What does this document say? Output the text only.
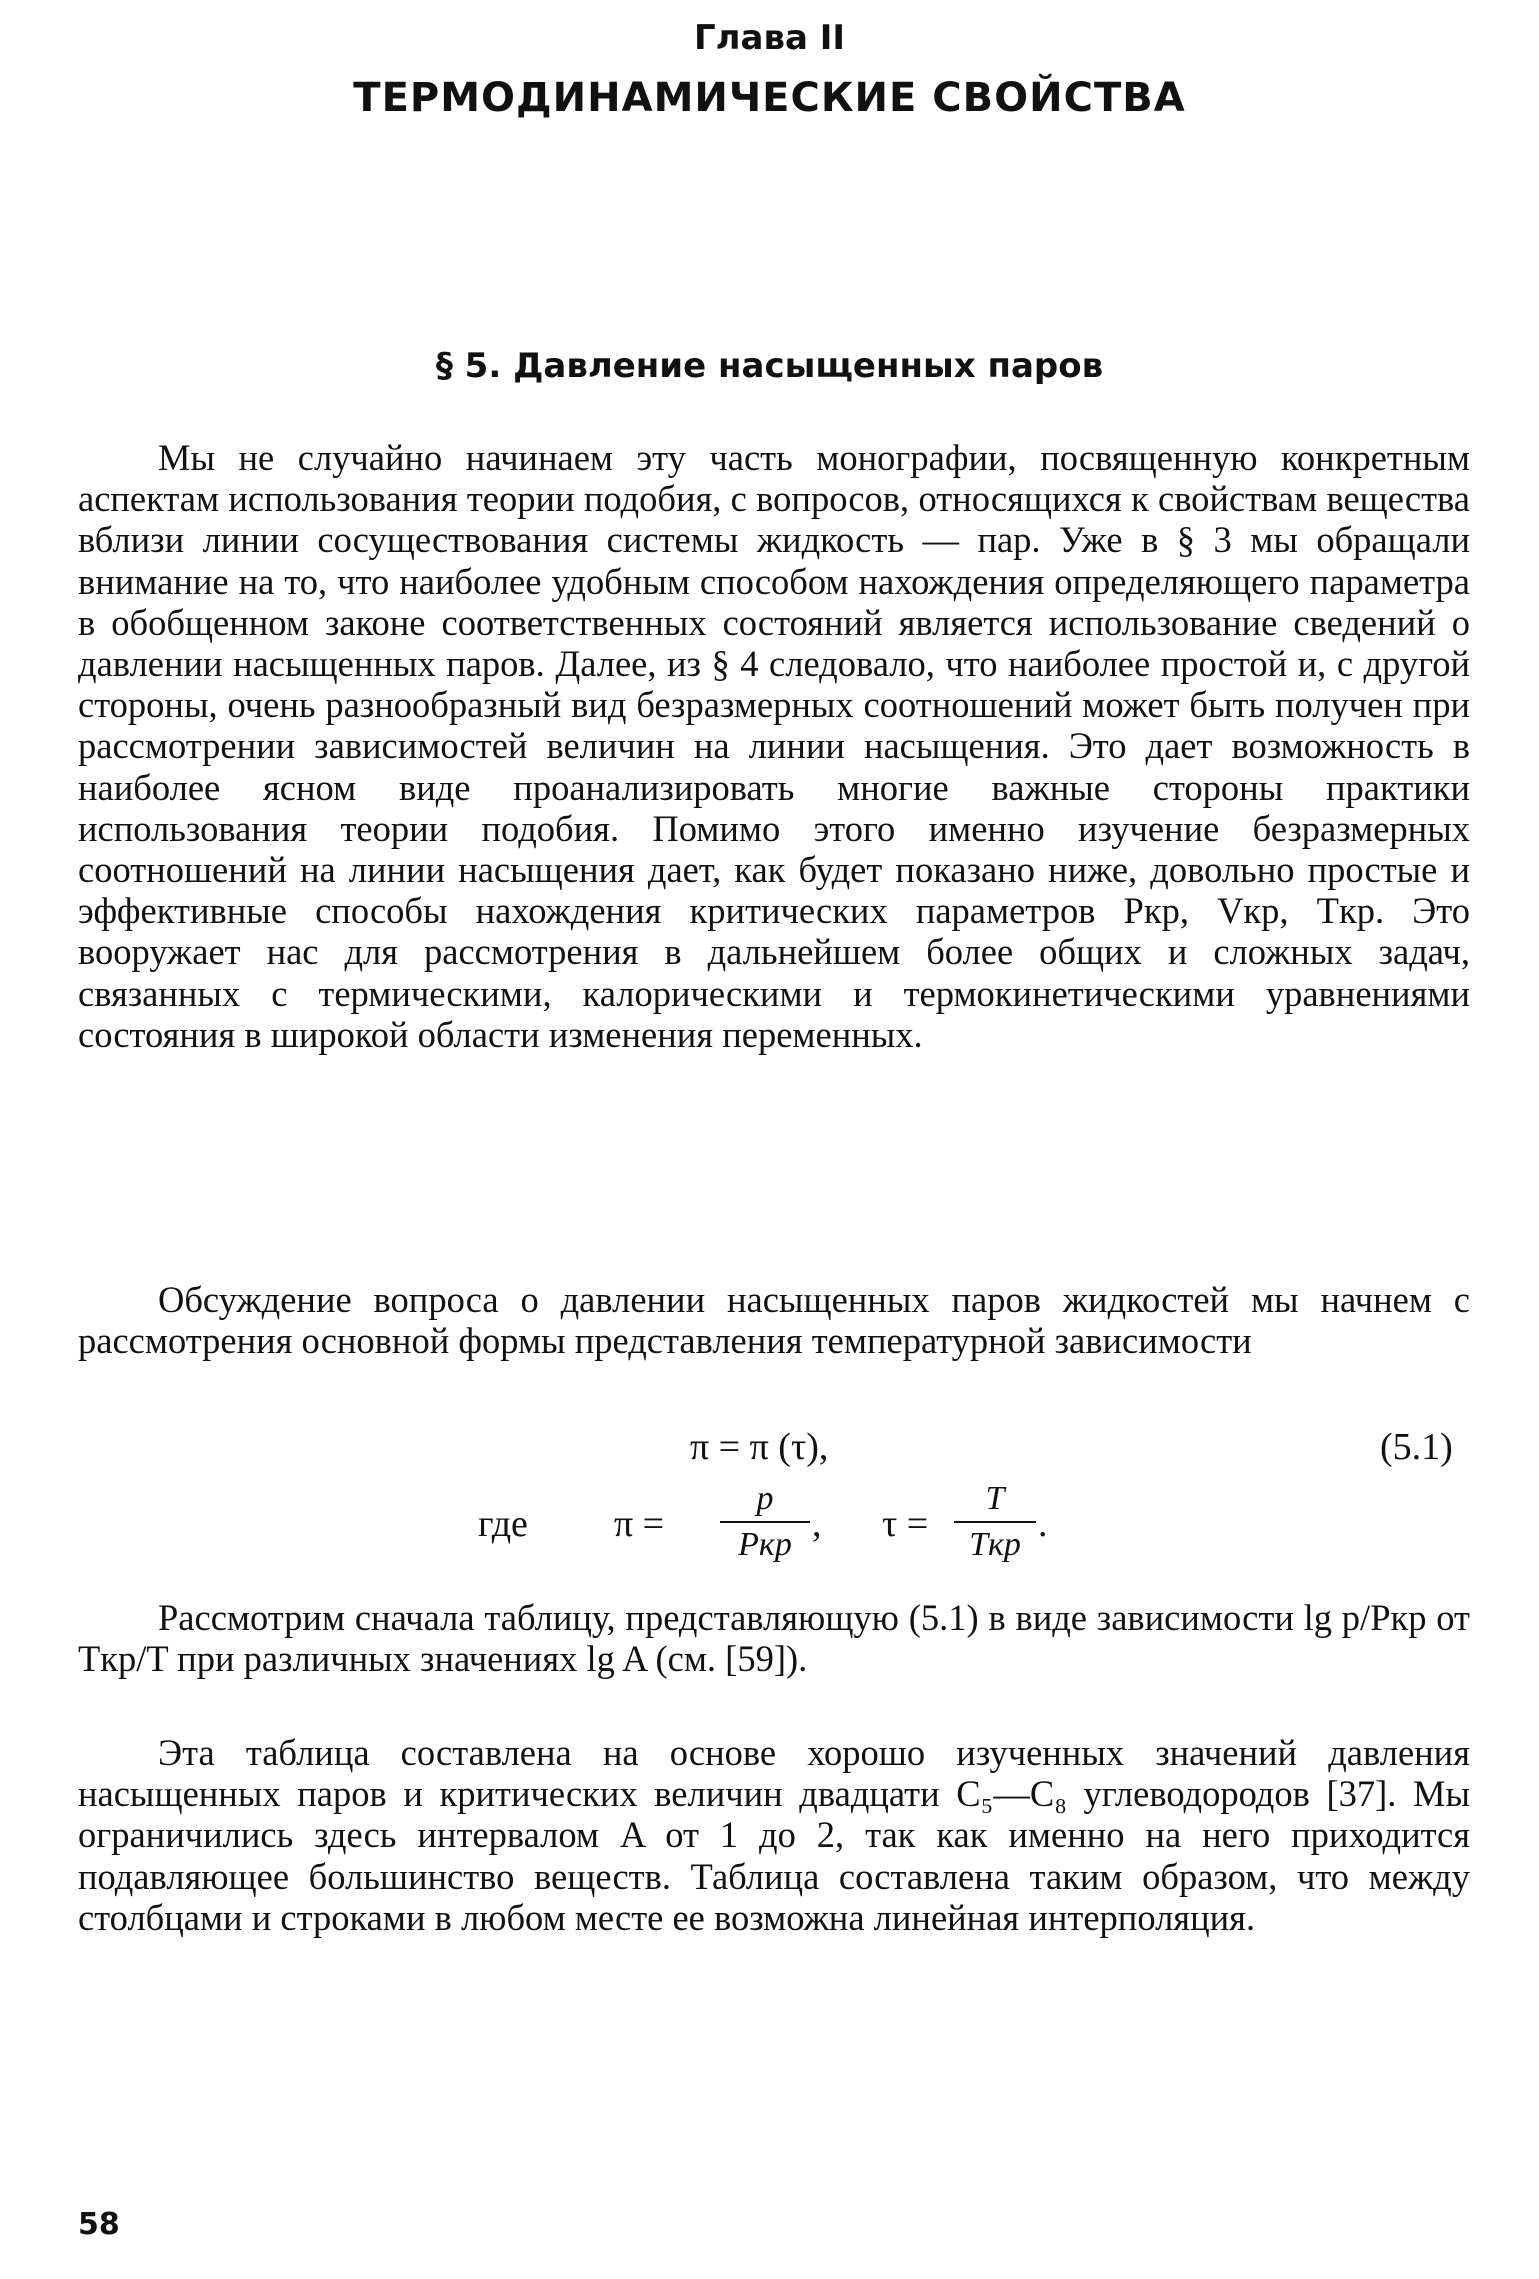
Глава II
ТЕРМОДИНАМИЧЕСКИЕ СВОЙСТВА
§ 5. Давление насыщенных паров

Мы не случайно начинаем эту часть монографии, посвященную конкретным аспектам использования теории подобия, с вопросов, относящихся к свойствам вещества вблизи линии сосуществования системы жидкость — пар. Уже в § 3 мы обращали внимание на то, что наиболее удобным способом нахождения определяющего параметра в обобщенном законе соответственных состояний является использование сведений о давлении насыщенных паров. Далее, из § 4 следовало, что наиболее простой и, с другой стороны, очень разнообразный вид безразмерных соотношений может быть получен при рассмотрении зависимостей величин на линии насыщения. Это дает возможность в наиболее ясном виде проанализировать многие важные стороны практики использования теории подобия. Помимо этого именно изучение безразмерных соотношений на линии насыщения дает, как будет показано ниже, довольно простые и эффективные способы нахождения критических параметров Pкр, Vкр, Tкр. Это вооружает нас для рассмотрения в дальнейшем более общих и сложных задач, связанных с термическими, калорическими и термокинетическими уравнениями состояния в широкой области изменения переменных.

Обсуждение вопроса о давлении насыщенных паров жидкостей мы начнем с рассмотрения основной формы представления температурной зависимости

π = π (τ),	(5.1)
где π =
p
Pкр , τ =
T
Tкр .

Рассмотрим сначала таблицу, представляющую (5.1) в виде зависимости lg p/Pкр от Tкр/T при различных значениях lg A (см. [59]).

Эта таблица составлена на основе хорошо изученных значений давления насыщенных паров и критических величин двадцати C₅—C₈ углеводородов [37]. Мы ограничились здесь интервалом A от 1 до 2, так как именно на него приходится подавляющее большинство веществ. Таблица составлена таким образом, что между столбцами и строками в любом месте ее возможна линейная интерполяция.

58
